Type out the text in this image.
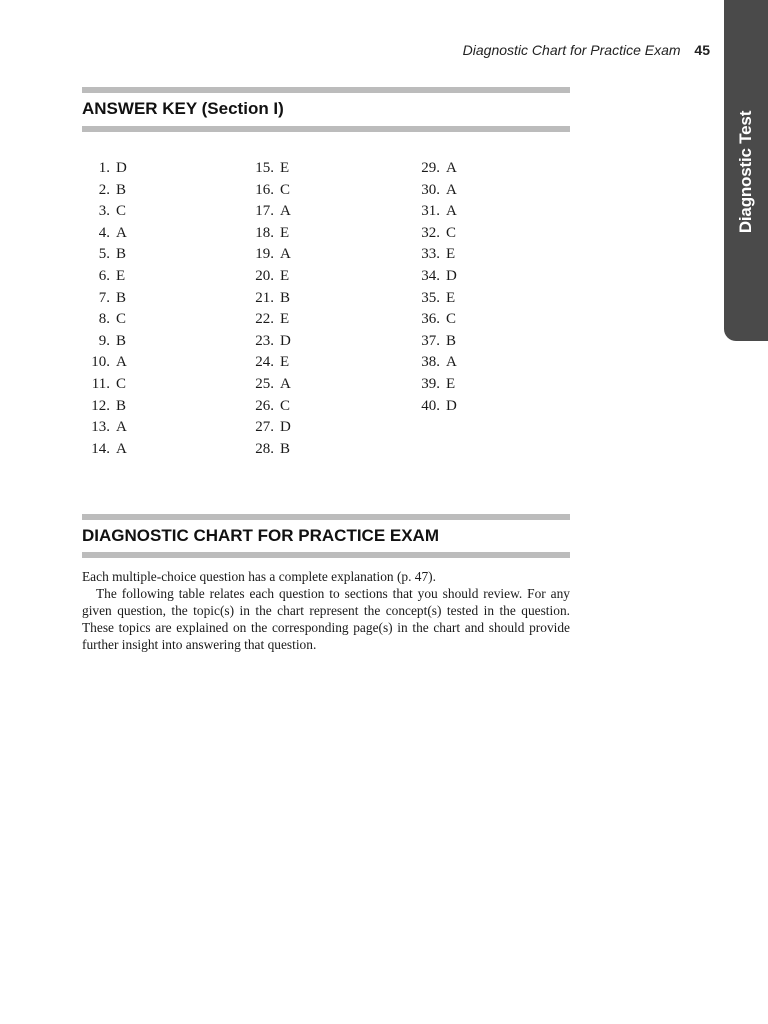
Diagnostic Chart for Practice Exam 45
Diagnostic Test
ANSWER KEY (Section I)
1. D
2. B
3. C
4. A
5. B
6. E
7. B
8. C
9. B
10. A
11. C
12. B
13. A
14. A
15. E
16. C
17. A
18. E
19. A
20. E
21. B
22. E
23. D
24. E
25. A
26. C
27. D
28. B
29. A
30. A
31. A
32. C
33. E
34. D
35. E
36. C
37. B
38. A
39. E
40. D
DIAGNOSTIC CHART FOR PRACTICE EXAM

Each multiple-choice question has a complete explanation (p. 47).

The following table relates each question to sections that you should review. For any given question, the topic(s) in the chart represent the concept(s) tested in the question. These topics are explained on the corresponding page(s) in the chart and should provide further insight into answering that question.
